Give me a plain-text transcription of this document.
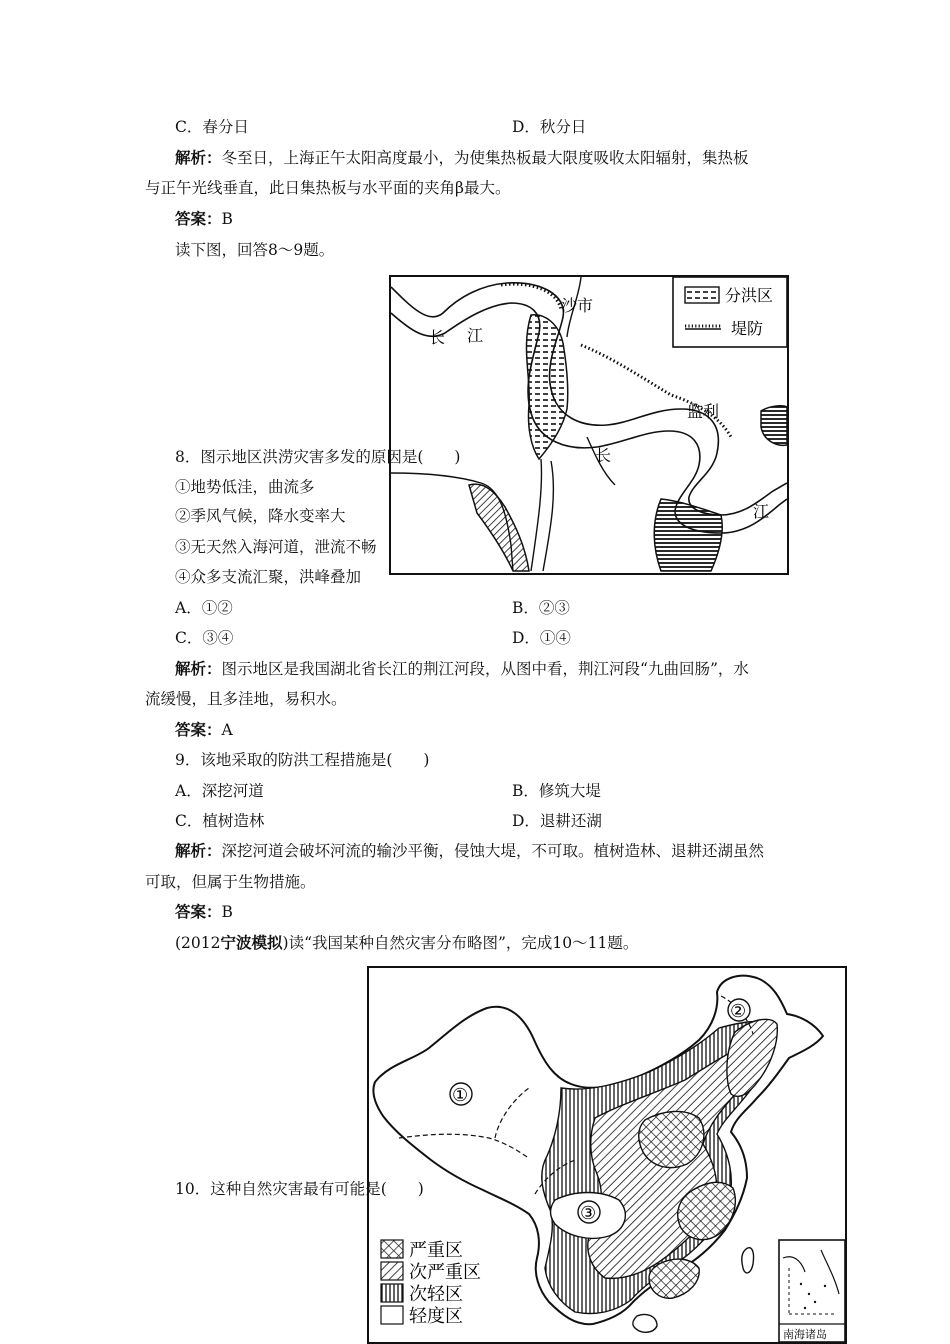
C．春分日	D．秋分日
解析：冬至日，上海正午太阳高度最小，为使集热板最大限度吸收太阳辐射，集热板
与正午光线垂直，此日集热板与水平面的夹角β最大。
答案：B
读下图，回答8～9题。
沙市
长 江
监利
长
江
分洪区
堤防
8．图示地区洪涝灾害多发的原因是(　　)
①地势低洼，曲流多
②季风气候，降水变率大
③无天然入海河道，泄流不畅
④众多支流汇聚，洪峰叠加
A．①②	B．②③
C．③④	D．①④
解析：图示地区是我国湖北省长江的荆江河段，从图中看，荆江河段“九曲回肠”，水
流缓慢，且多洼地，易积水。
答案：A
9．该地采取的防洪工程措施是(　　)
A．深挖河道	B．修筑大堤
C．植树造林	D．退耕还湖
解析：深挖河道会破坏河流的输沙平衡，侵蚀大堤，不可取。植树造林、退耕还湖虽然
可取，但属于生物措施。
答案：B
(2012宁波模拟)读“我国某种自然灾害分布略图”，完成10～11题。
①
②
③
严重区
次严重区
次轻区
轻度区
南海诸岛
10．这种自然灾害最有可能是(　　)
